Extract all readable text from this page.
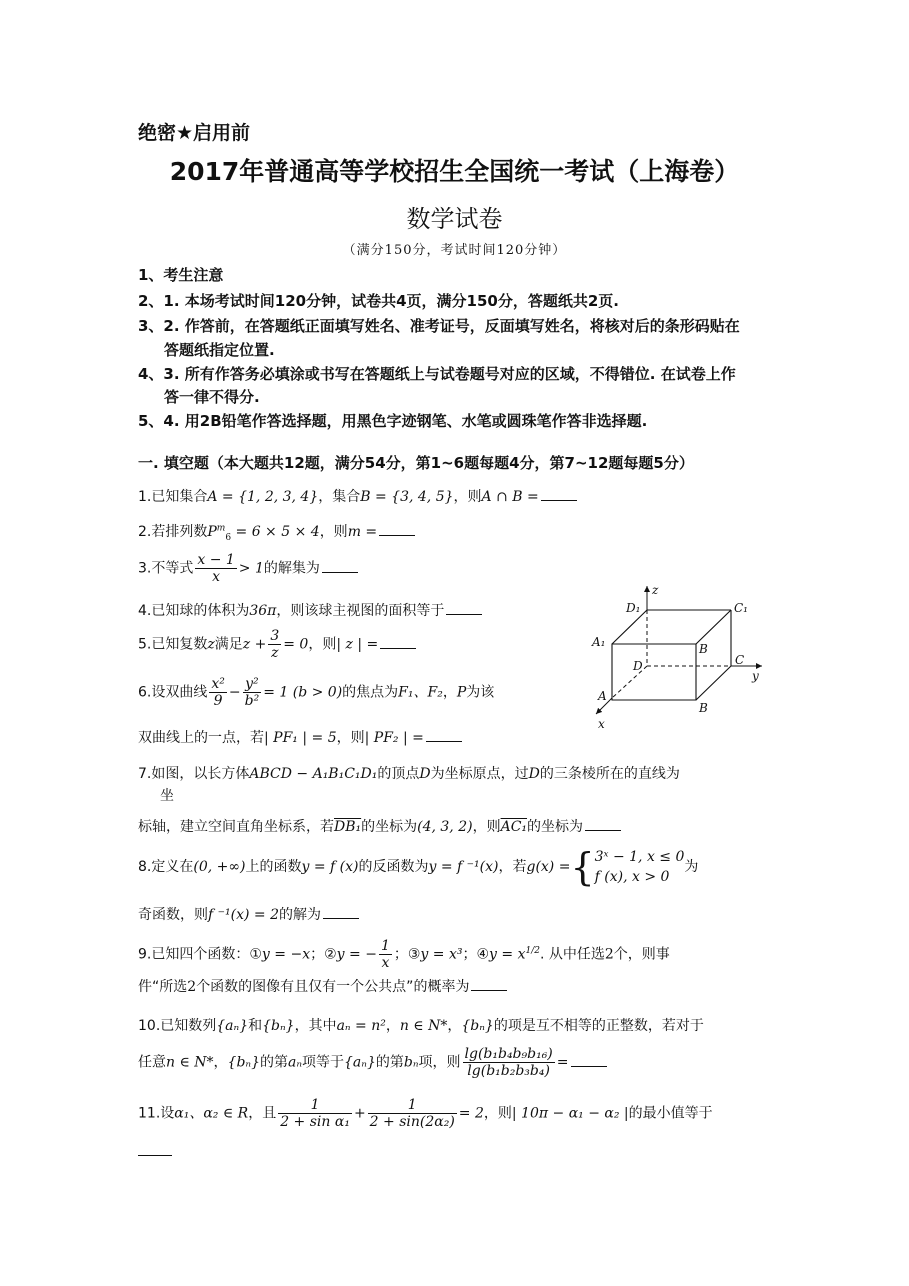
绝密★启用前
2017年普通高等学校招生全国统一考试（上海卷）
数学试卷
（满分150分，考试时间120分钟）
1、考生注意
2、1. 本场考试时间120分钟，试卷共4页，满分150分，答题纸共2页.
3、2. 作答前，在答题纸正面填写姓名、准考证号，反面填写姓名，将核对后的条形码贴在
答题纸指定位置.
4、3. 所有作答务必填涂或书写在答题纸上与试卷题号对应的区域，不得错位. 在试卷上作
答一律不得分.
5、4. 用2B铅笔作答选择题，用黑色字迹钢笔、水笔或圆珠笔作答非选择题.
一. 填空题（本大题共12题，满分54分，第1~6题每题4分，第7~12题每题5分）
1.已知集合A = {1, 2, 3, 4}，集合B = {3, 4, 5}，则A ∩ B =
2.若排列数$P^m_6 = 6 \times 5 \times 4$，则m =
3.不等式 $\frac{x - 1}{x} > 1$的解集为
4.已知球的体积为36π，则该球主视图的面积等于
5.已知复数z满足$z + \frac{3}{z} = 0$，则| z | =
6.设双曲线 $\frac{\text{x²}}{9} - \frac{\text{y²}}{\text{b²}} = 1$ (b > 0)的焦点为F₁、F₂，P为该
双曲线上的一点，若| PF₁ | = 5，则| PF₂ | =
7.如图，以长方体ABCD − A₁B₁C₁D₁的顶点D为坐标原点，过D的三条棱所在的直线为
坐
标轴，建立空间直角坐标系，若DB₁的坐标为(4, 3, 2)，则AC₁的坐标为
8.定义在(0, +∞)上的函数y = f (x)的反函数为y = f ⁻¹(x)，若g(x) ={ 3ˣ − 1, x ≤ 0
f (x), x > 0
为
奇函数，则f ⁻¹(x) = 2的解为
9.已知四个函数：①y = −x；②y = − $\frac{1}{x}$ ；③y = x³；④y = $x^{1/2}$. 从中任选2个，则事
件“所选2个函数的图像有且仅有一个公共点”的概率为
10.已知数列{aₙ}和{bₙ}，其中aₙ = n²，n ∈ N*，{bₙ}的项是互不相等的正整数，若对于
任意n ∈ N*，{bₙ}的第aₙ项等于{aₙ}的第bₙ项，则 $\frac{\text{lg(b₁b₄b₉b₁₆)}}{\text{lg(b₁b₂b₃b₄)}}$ =
11.设α₁、α₂ ∈ R，且 $\frac{1}{\text{2 + sin α₁}} + \frac{1}{\text{2 + sin(2α₂)}} = 2$，则| 10π − α₁ − α₂ |的最小值等于
z
y
x
D₁	C₁
A₁	B
D	C
A
B
